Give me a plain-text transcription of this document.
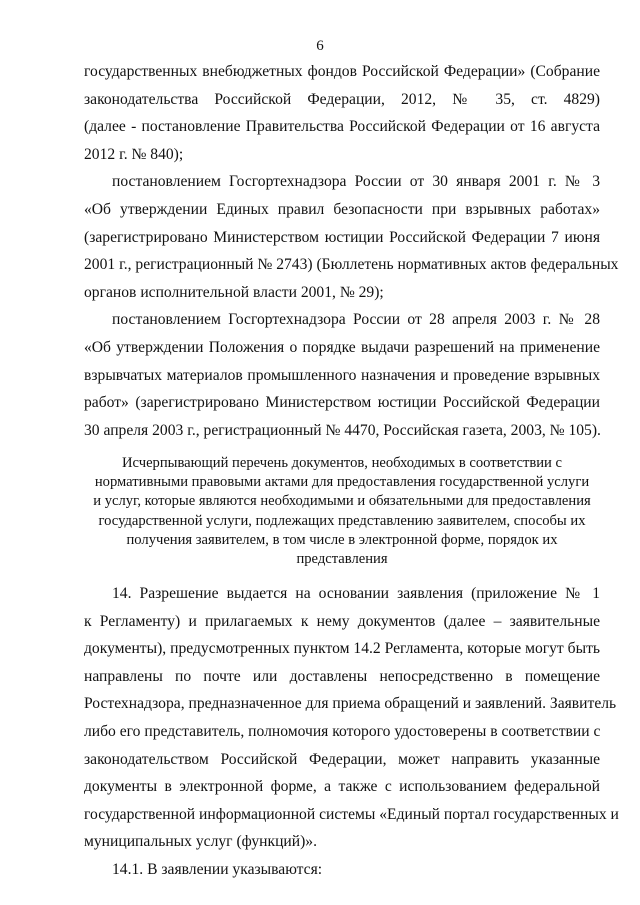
6
государственных внебюджетных фондов Российской Федерации» (Собрание
законодательства Российской Федерации, 2012, № 35, ст. 4829)
(далее - постановление Правительства Российской Федерации от 16 августа
2012 г. № 840);
постановлением Госгортехнадзора России от 30 января 2001 г. № 3
«Об утверждении Единых правил безопасности при взрывных работах»
(зарегистрировано Министерством юстиции Российской Федерации 7 июня
2001 г., регистрационный № 2743) (Бюллетень нормативных актов федеральных
органов исполнительной власти 2001, № 29);
постановлением Госгортехнадзора России от 28 апреля 2003 г. № 28
«Об утверждении Положения о порядке выдачи разрешений на применение
взрывчатых материалов промышленного назначения и проведение взрывных
работ» (зарегистрировано Министерством юстиции Российской Федерации
30 апреля 2003 г., регистрационный № 4470, Российская газета, 2003, № 105).
Исчерпывающий перечень документов, необходимых в соответствии с
нормативными правовыми актами для предоставления государственной услуги
и услуг, которые являются необходимыми и обязательными для предоставления
государственной услуги, подлежащих представлению заявителем, способы их
получения заявителем, в том числе в электронной форме, порядок их
представления
14. Разрешение выдается на основании заявления (приложение № 1
к Регламенту) и прилагаемых к нему документов (далее – заявительные
документы), предусмотренных пунктом 14.2 Регламента, которые могут быть
направлены по почте или доставлены непосредственно в помещение
Ростехнадзора, предназначенное для приема обращений и заявлений. Заявитель
либо его представитель, полномочия которого удостоверены в соответствии с
законодательством Российской Федерации, может направить указанные
документы в электронной форме, а также с использованием федеральной
государственной информационной системы «Единый портал государственных и
муниципальных услуг (функций)».
14.1. В заявлении указываются:
